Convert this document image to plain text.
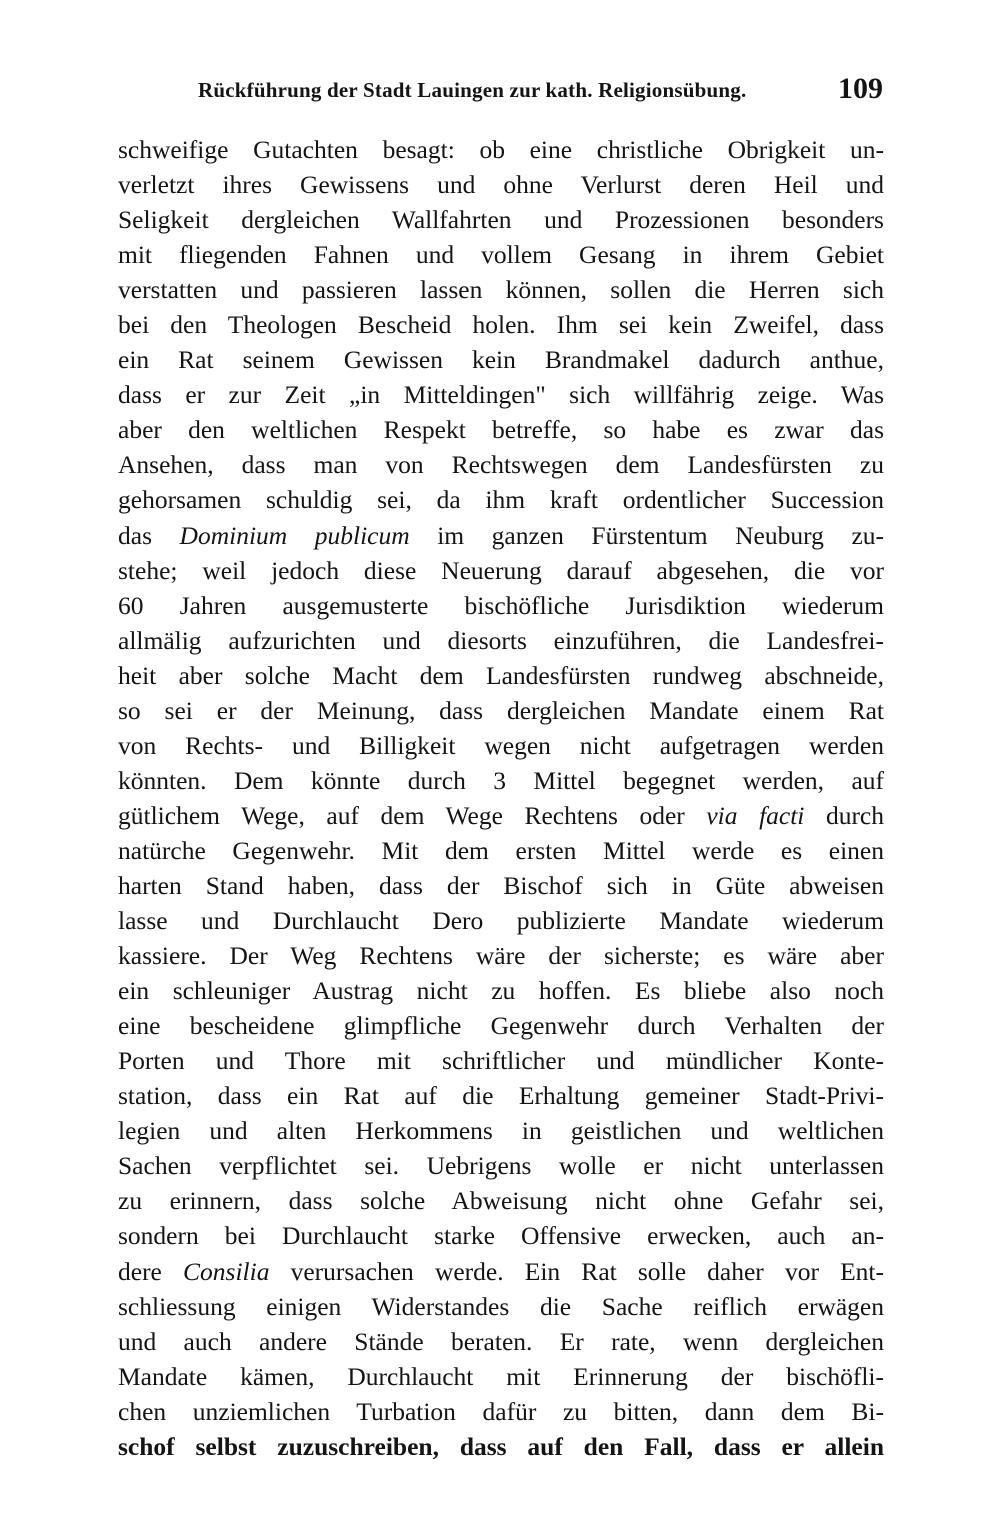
Rückführung der Stadt Lauingen zur kath. Religionsübung.	109
schweifige Gutachten besagt: ob eine christliche Obrigkeit un-
verletzt ihres Gewissens und ohne Verlurst deren Heil und
Seligkeit dergleichen Wallfahrten und Prozessionen besonders
mit fliegenden Fahnen und vollem Gesang in ihrem Gebiet
verstatten und passieren lassen können, sollen die Herren sich
bei den Theologen Bescheid holen. Ihm sei kein Zweifel, dass
ein Rat seinem Gewissen kein Brandmakel dadurch anthue,
dass er zur Zeit „in Mitteldingen" sich willfährig zeige. Was
aber den weltlichen Respekt betreffe, so habe es zwar das
Ansehen, dass man von Rechtswegen dem Landesfürsten zu
gehorsamen schuldig sei, da ihm kraft ordentlicher Succession
das Dominium publicum im ganzen Fürstentum Neuburg zu-
stehe; weil jedoch diese Neuerung darauf abgesehen, die vor
60 Jahren ausgemusterte bischöfliche Jurisdiktion wiederum
allmälig aufzurichten und diesorts einzuführen, die Landesfrei-
heit aber solche Macht dem Landesfürsten rundweg abschneide,
so sei er der Meinung, dass dergleichen Mandate einem Rat
von Rechts- und Billigkeit wegen nicht aufgetragen werden
könnten. Dem könnte durch 3 Mittel begegnet werden, auf
gütlichem Wege, auf dem Wege Rechtens oder via facti durch
natürche Gegenwehr. Mit dem ersten Mittel werde es einen
harten Stand haben, dass der Bischof sich in Güte abweisen
lasse und Durchlaucht Dero publizierte Mandate wiederum
kassiere. Der Weg Rechtens wäre der sicherste; es wäre aber
ein schleuniger Austrag nicht zu hoffen. Es bliebe also noch
eine bescheidene glimpfliche Gegenwehr durch Verhalten der
Porten und Thore mit schriftlicher und mündlicher Konte-
station, dass ein Rat auf die Erhaltung gemeiner Stadt-Privi-
legien und alten Herkommens in geistlichen und weltlichen
Sachen verpflichtet sei. Uebrigens wolle er nicht unterlassen
zu erinnern, dass solche Abweisung nicht ohne Gefahr sei,
sondern bei Durchlaucht starke Offensive erwecken, auch an-
dere Consilia verursachen werde. Ein Rat solle daher vor Ent-
schliessung einigen Widerstandes die Sache reiflich erwägen
und auch andere Stände beraten. Er rate, wenn dergleichen
Mandate kämen, Durchlaucht mit Erinnerung der bischöfli-
chen unziemlichen Turbation dafür zu bitten, dann dem Bi-
schof selbst zuzuschreiben, dass auf den Fall, dass er allein
